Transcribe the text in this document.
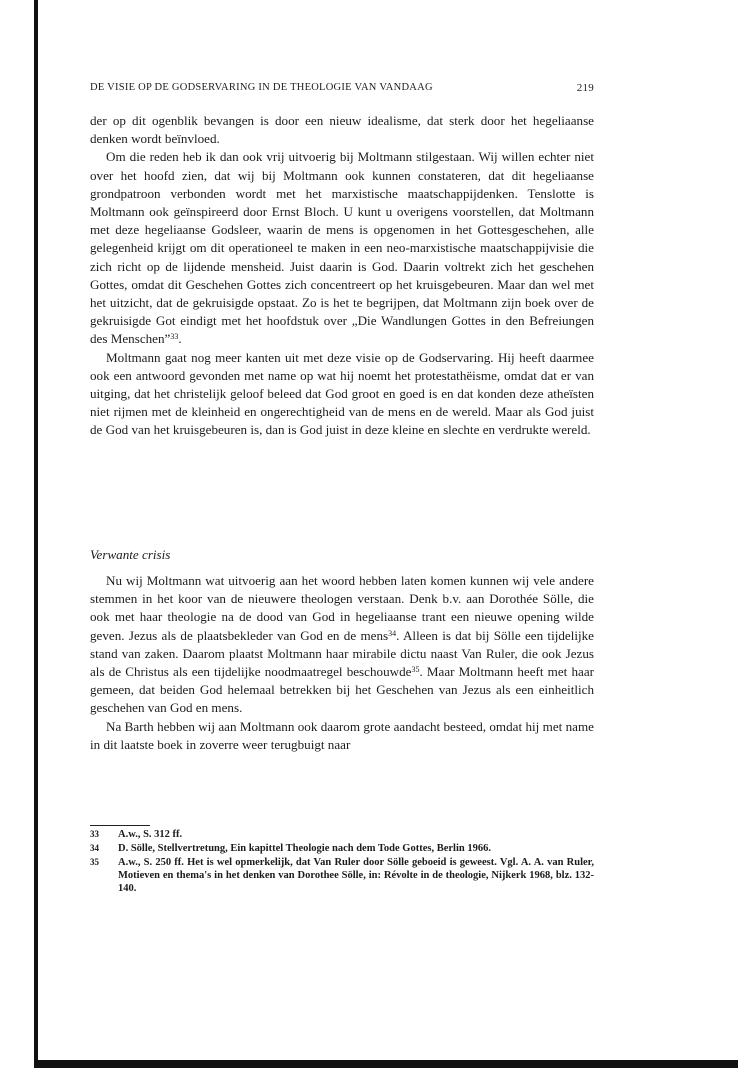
DE VISIE OP DE GODSERVARING IN DE THEOLOGIE VAN VANDAAG	219

der op dit ogenblik bevangen is door een nieuw idealisme, dat sterk door het hegeliaanse denken wordt beïnvloed.

Om die reden heb ik dan ook vrij uitvoerig bij Moltmann stilgestaan. Wij willen echter niet over het hoofd zien, dat wij bij Moltmann ook kunnen constateren, dat dit hegeliaanse grondpatroon verbonden wordt met het marxistische maatschappijdenken. Tenslotte is Moltmann ook geïnspireerd door Ernst Bloch. U kunt u overigens voorstellen, dat Moltmann met deze hegeliaanse Godsleer, waarin de mens is opgenomen in het Gottesgeschehen, alle gelegenheid krijgt om dit operationeel te maken in een neo-marxistische maatschappijvisie die zich richt op de lijdende mensheid. Juist daarin is God. Daarin voltrekt zich het geschehen Gottes, omdat dit Geschehen Gottes zich concentreert op het kruisgebeuren. Maar dan wel met het uitzicht, dat de gekruisigde opstaat. Zo is het te begrijpen, dat Moltmann zijn boek over de gekruisigde Got eindigt met het hoofdstuk over „Die Wandlungen Gottes in den Befreiungen des Menschen”$^{33}$.

Moltmann gaat nog meer kanten uit met deze visie op de Godservaring. Hij heeft daarmee ook een antwoord gevonden met name op wat hij noemt het protestathëisme, omdat dat er van uitging, dat het christelijk geloof beleed dat God groot en goed is en dat konden deze atheïsten niet rijmen met de kleinheid en ongerechtigheid van de mens en de wereld. Maar als God juist de God van het kruisgebeuren is, dan is God juist in deze kleine en slechte en verdrukte wereld.

Verwante crisis

Nu wij Moltmann wat uitvoerig aan het woord hebben laten komen kunnen wij vele andere stemmen in het koor van de nieuwere theologen verstaan. Denk b.v. aan Dorothée Sölle, die ook met haar theologie na de dood van God in hegeliaanse trant een nieuwe opening wilde geven. Jezus als de plaatsbekleder van God en de mens$^{34}$. Alleen is dat bij Sölle een tijdelijke stand van zaken. Daarom plaatst Moltmann haar mirabile dictu naast Van Ruler, die ook Jezus als de Christus als een tijdelijke noodmaatregel beschouwde$^{35}$. Maar Moltmann heeft met haar gemeen, dat beiden God helemaal betrekken bij het Geschehen van Jezus als een einheitlich geschehen van God en mens.

Na Barth hebben wij aan Moltmann ook daarom grote aandacht besteed, omdat hij met name in dit laatste boek in zoverre weer terugbuigt naar

33 A.w., S. 312 ff.
34 D. Sölle, Stellvertretung, Ein kapittel Theologie nach dem Tode Gottes, Berlin 1966.
35 A.w., S. 250 ff. Het is wel opmerkelijk, dat Van Ruler door Sölle geboeid is geweest. Vgl. A. A. van Ruler, Motieven en thema's in het denken van Dorothee Sölle, in: Révolte in de theologie, Nijkerk 1968, blz. 132-140.
